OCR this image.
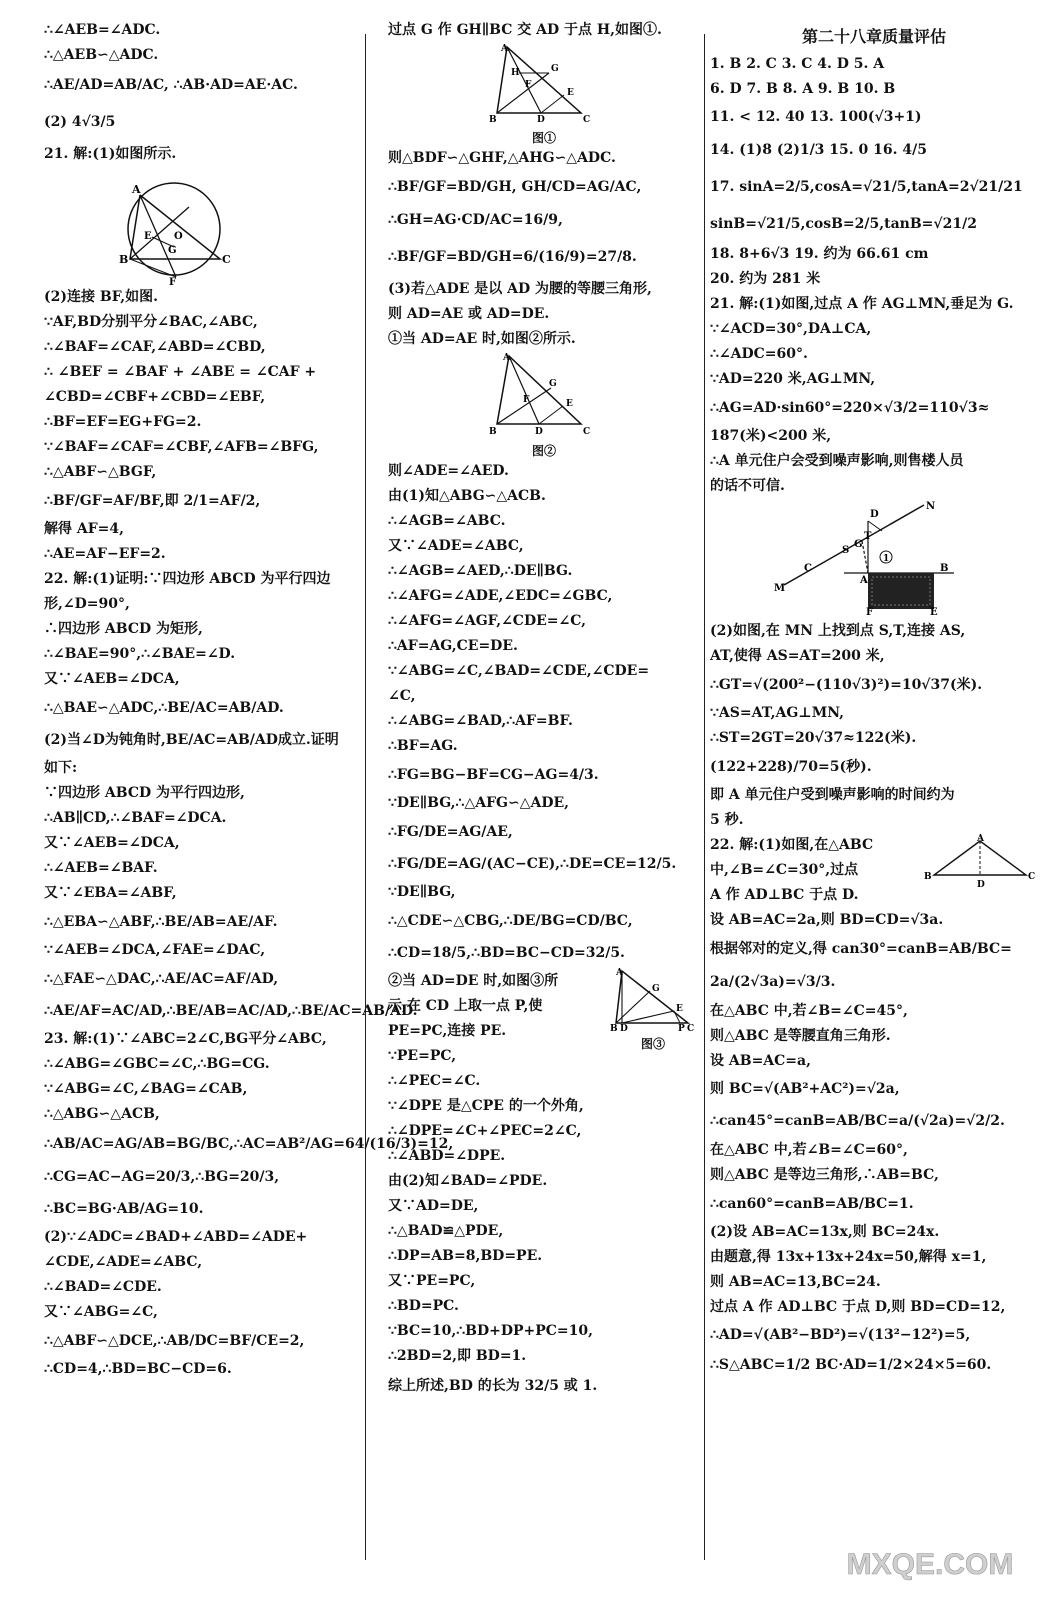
∴∠AEB=∠ADC.
∴△AEB∽△ADC.
∴AE/AD=AB/AC, ∴AB·AD=AE·AC.
(2) 4√3/5
21. 解:(1)如图所示.
A
B	C
E O
G
F
(2)连接 BF,如图.
∵AF,BD分别平分∠BAC,∠ABC,
∴∠BAF=∠CAF,∠ABD=∠CBD,
∴ ∠BEF = ∠BAF + ∠ABE = ∠CAF +
∠CBD=∠CBF+∠CBD=∠EBF,
∴BF=EF=EG+FG=2.
∵∠BAF=∠CAF=∠CBF,∠AFB=∠BFG,
∴△ABF∽△BGF,
∴BF/GF=AF/BF,即 2/1=AF/2,
解得 AF=4,
∴AE=AF−EF=2.
22. 解:(1)证明:∵四边形 ABCD 为平行四边
形,∠D=90°,
∴四边形 ABCD 为矩形,
∴∠BAE=90°,∴∠BAE=∠D.
又∵∠AEB=∠DCA,
∴△BAE∽△ADC,∴BE/AC=AB/AD.
(2)当∠D为钝角时,BE/AC=AB/AD成立.证明
如下:
∵四边形 ABCD 为平行四边形,
∴AB∥CD,∴∠BAF=∠DCA.
又∵∠AEB=∠DCA,
∴∠AEB=∠BAF.
又∵∠EBA=∠ABF,
∴△EBA∽△ABF,∴BE/AB=AE/AF.
∵∠AEB=∠DCA,∠FAE=∠DAC,
∴△FAE∽△DAC,∴AE/AC=AF/AD,
∴AE/AF=AC/AD,∴BE/AB=AC/AD,∴BE/AC=AB/AD.
23. 解:(1)∵∠ABC=2∠C,BG平分∠ABC,
∴∠ABG=∠GBC=∠C,∴BG=CG.
∵∠ABG=∠C,∠BAG=∠CAB,
∴△ABG∽△ACB,
∴AB/AC=AG/AB=BG/BC,∴AC=AB²/AG=64/(16/3)=12,
∴CG=AC−AG=20/3,∴BG=20/3,
∴BC=BG·AB/AG=10.
(2)∵∠ADC=∠BAD+∠ABD=∠ADE+
∠CDE,∠ADE=∠ABC,
∴∠BAD=∠CDE.
又∵∠ABG=∠C,
∴△ABF∽△DCE,∴AB/DC=BF/CE=2,
∴CD=4,∴BD=BC−CD=6.
过点 G 作 GH∥BC 交 AD 于点 H,如图①.
A
B	C
D
E
F
G
H
图①
则△BDF∽△GHF,△AHG∽△ADC.
∴BF/GF=BD/GH, GH/CD=AG/AC,
∴GH=AG·CD/AC=16/9,
∴BF/GF=BD/GH=6/(16/9)=27/8.
(3)若△ADE 是以 AD 为腰的等腰三角形,
则 AD=AE 或 AD=DE.
①当 AD=AE 时,如图②所示.
A
B	C
D
E
F
G
图②
则∠ADE=∠AED.
由(1)知△ABG∽△ACB.
∴∠AGB=∠ABC.
又∵∠ADE=∠ABC,
∴∠AGB=∠AED,∴DE∥BG.
∴∠AFG=∠ADE,∠EDC=∠GBC,
∴∠AFG=∠AGF,∠CDE=∠C,
∴AF=AG,CE=DE.
∵∠ABG=∠C,∠BAD=∠CDE,∠CDE=
∠C,
∴∠ABG=∠BAD,∴AF=BF.
∴BF=AG.
∴FG=BG−BF=CG−AG=4/3.
∵DE∥BG,∴△AFG∽△ADE,
∴FG/DE=AG/AE,
∴FG/DE=AG/(AC−CE),∴DE=CE=12/5.
∵DE∥BG,
∴△CDE∽△CBG,∴DE/BG=CD/BC,
∴CD=18/5,∴BD=BC−CD=32/5.
②当 AD=DE 时,如图③所
示,在 CD 上取一点 P,使
PE=PC,连接 PE.
A
B D
G
E
P C
图③
∵PE=PC,
∴∠PEC=∠C.
∵∠DPE 是△CPE 的一个外角,
∴∠DPE=∠C+∠PEC=2∠C,
∴∠ABD=∠DPE.
由(2)知∠BAD=∠PDE.
又∵AD=DE,
∴△BAD≌△PDE,
∴DP=AB=8,BD=PE.
又∵PE=PC,
∴BD=PC.
∵BC=10,∴BD+DP+PC=10,
∴2BD=2,即 BD=1.
综上所述,BD 的长为 32/5 或 1.
第二十八章质量评估
1. B 2. C 3. C 4. D 5. A
6. D 7. B 8. A 9. B 10. B
11. < 12. 40 13. 100(√3+1)
14. (1)8 (2)1/3 15. 0 16. 4/5
17. sinA=2/5,cosA=√21/5,tanA=2√21/21
sinB=√21/5,cosB=2/5,tanB=√21/2
18. 8+6√3 19. 约为 66.61 cm
20. 约为 281 米
21. 解:(1)如图,过点 A 作 AG⊥MN,垂足为 G.
∵∠ACD=30°,DA⊥CA,
∴∠ADC=60°.
∵AD=220 米,AG⊥MN,
∴AG=AD·sin60°=220×√3/2=110√3≈
187(米)<200 米,
∴A 单元住户会受到噪声影响,则售楼人员
的话不可信.
1
M
C
N
D
S
G
T
A
B
F	E
(2)如图,在 MN 上找到点 S,T,连接 AS,
AT,使得 AS=AT=200 米,
∴GT=√(200²−(110√3)²)=10√37(米).
∵AS=AT,AG⊥MN,
∴ST=2GT=20√37≈122(米).
(122+228)/70=5(秒).
即 A 单元住户受到噪声影响的时间约为
5 秒.
22. 解:(1)如图,在△ABC
中,∠B=∠C=30°,过点
A 作 AD⊥BC 于点 D.
A
B	C
D
设 AB=AC=2a,则 BD=CD=√3a.
根据邻对的定义,得 can30°=canB=AB/BC=
2a/(2√3a)=√3/3.
在△ABC 中,若∠B=∠C=45°,
则△ABC 是等腰直角三角形.
设 AB=AC=a,
则 BC=√(AB²+AC²)=√2a,
∴can45°=canB=AB/BC=a/(√2a)=√2/2.
在△ABC 中,若∠B=∠C=60°,
则△ABC 是等边三角形,∴AB=BC,
∴can60°=canB=AB/BC=1.
(2)设 AB=AC=13x,则 BC=24x.
由题意,得 13x+13x+24x=50,解得 x=1,
则 AB=AC=13,BC=24.
过点 A 作 AD⊥BC 于点 D,则 BD=CD=12,
∴AD=√(AB²−BD²)=√(13²−12²)=5,
∴S△ABC=1/2 BC·AD=1/2×24×5=60.
MXQE.COM
